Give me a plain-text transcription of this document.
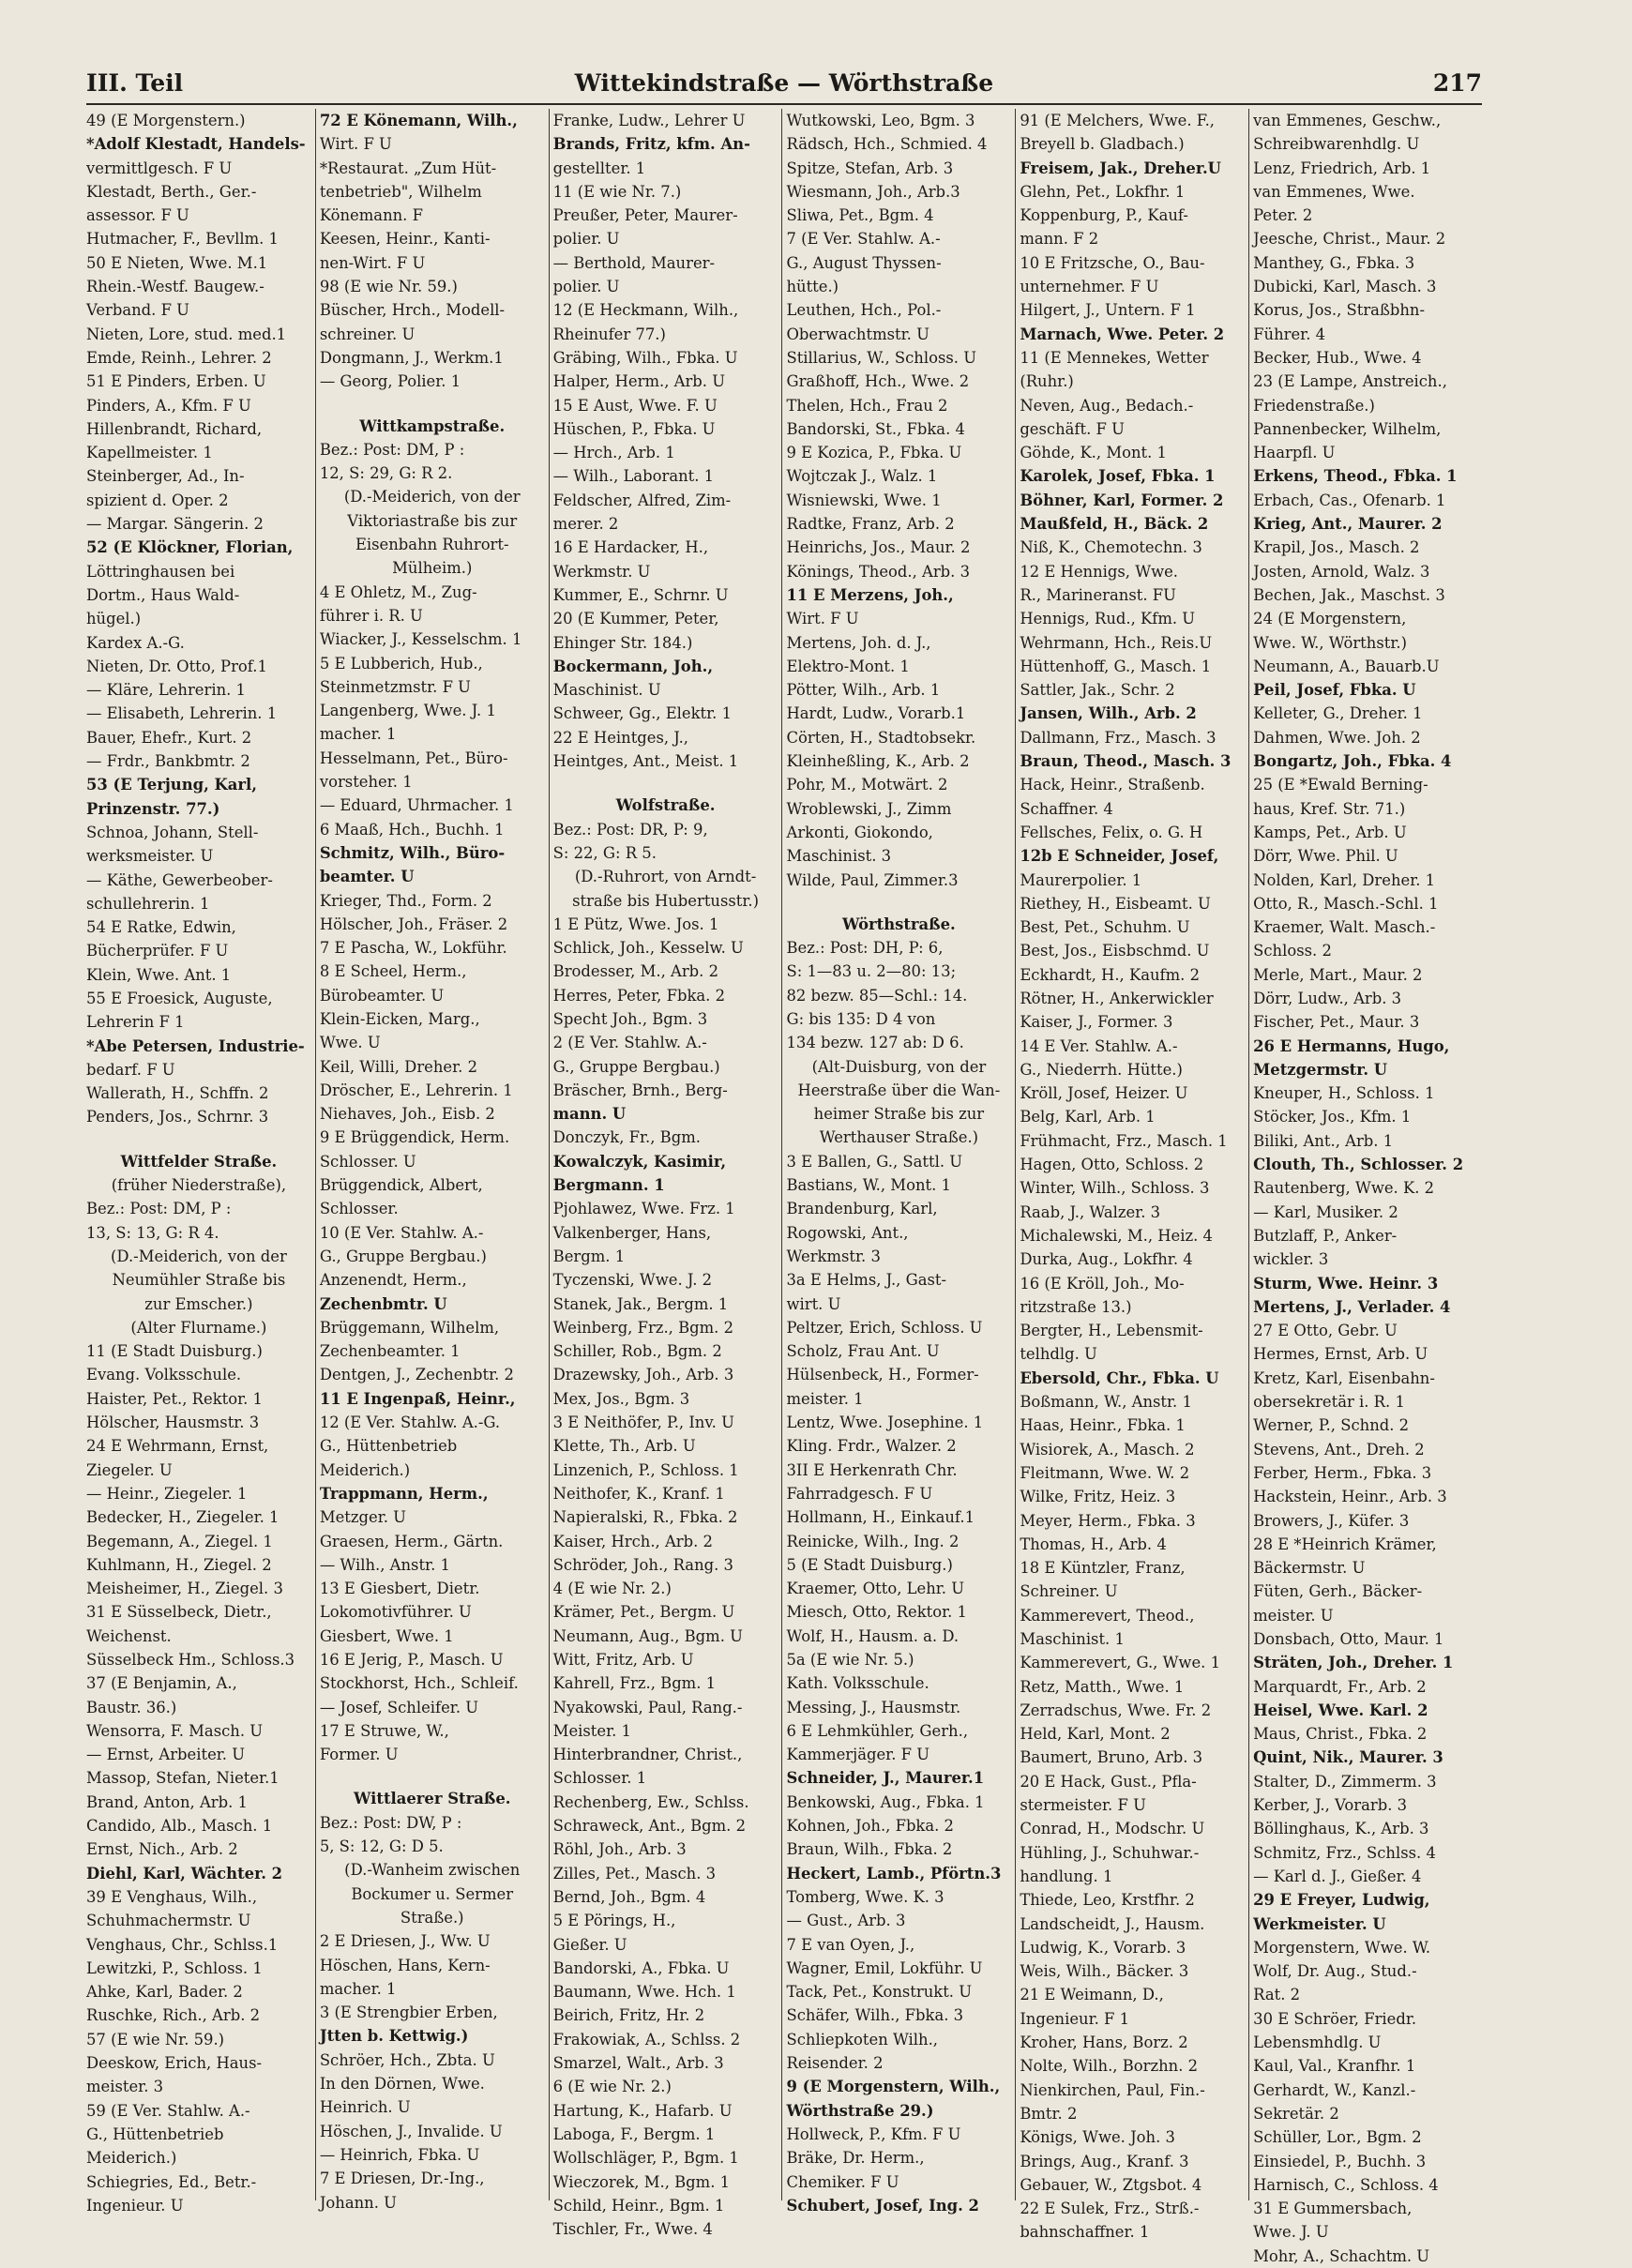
III. Teil	Wittekindstraße — Wörthstraße	217
49 (E Morgenstern.)
*Adolf Klestadt, Handels-
vermittlgesch. F U
Klestadt, Berth., Ger.-
assessor. F U
Hutmacher, F., Bevllm. 1
50 E Nieten, Wwe. M.1
Rhein.-Westf. Baugew.-
Verband. F U
Nieten, Lore, stud. med.1
Emde, Reinh., Lehrer. 2
51 E Pinders, Erben. U
Pinders, A., Kfm. F U
Hillenbrandt, Richard,
Kapellmeister. 1
Steinberger, Ad., In-
spizient d. Oper. 2
— Margar. Sängerin. 2
52 (E Klöckner, Florian,
Löttringhausen bei
Dortm., Haus Wald-
hügel.)
Kardex A.-G.
Nieten, Dr. Otto, Prof.1
— Kläre, Lehrerin. 1
— Elisabeth, Lehrerin. 1
Bauer, Ehefr., Kurt. 2
— Frdr., Bankbmtr. 2
53 (E Terjung, Karl,
Prinzenstr. 77.)
Schnoa, Johann, Stell-
werksmeister. U
— Käthe, Gewerbeober-
schullehrerin. 1
54 E Ratke, Edwin,
Bücherprüfer. F U
Klein, Wwe. Ant. 1
55 E Froesick, Auguste,
Lehrerin F 1
*Abe Petersen, Industrie-
bedarf. F U
Wallerath, H., Schffn. 2
Penders, Jos., Schrnr. 3
Wittfelder Straße.
(früher Niederstraße),
Bez.: Post: DM, P :
13, S: 13, G: R 4.
(D.-Meiderich, von der
Neumühler Straße bis
zur Emscher.)
(Alter Flurname.)
11 (E Stadt Duisburg.)
Evang. Volksschule.
Haister, Pet., Rektor. 1
Hölscher, Hausmstr. 3
24 E Wehrmann, Ernst,
Ziegeler. U
— Heinr., Ziegeler. 1
Bedecker, H., Ziegeler. 1
Begemann, A., Ziegel. 1
Kuhlmann, H., Ziegel. 2
Meisheimer, H., Ziegel. 3
31 E Süsselbeck, Dietr.,
Weichenst.
Süsselbeck Hm., Schloss.3
37 (E Benjamin, A.,
Baustr. 36.)
Wensorra, F. Masch. U
— Ernst, Arbeiter. U
Massop, Stefan, Nieter.1
Brand, Anton, Arb. 1
Candido, Alb., Masch. 1
Ernst, Nich., Arb. 2
Diehl, Karl, Wächter. 2
39 E Venghaus, Wilh.,
Schuhmachermstr. U
Venghaus, Chr., Schlss.1
Lewitzki, P., Schloss. 1
Ahke, Karl, Bader. 2
Ruschke, Rich., Arb. 2
57 (E wie Nr. 59.)
Deeskow, Erich, Haus-
meister. 3
59 (E Ver. Stahlw. A.-
G., Hüttenbetrieb
Meiderich.)
Schiegries, Ed., Betr.-
Ingenieur. U
72 E Könemann, Wilh.,
Wirt. F U
*Restaurat. „Zum Hüt-
tenbetrieb", Wilhelm
Könemann. F
Keesen, Heinr., Kanti-
nen-Wirt. F U
98 (E wie Nr. 59.)
Büscher, Hrch., Modell-
schreiner. U
Dongmann, J., Werkm.1
— Georg, Polier. 1
Wittkampstraße.
Bez.: Post: DM, P :
12, S: 29, G: R 2.
(D.-Meiderich, von der
Viktoriastraße bis zur
Eisenbahn Ruhrort-
Mülheim.)
4 E Ohletz, M., Zug-
führer i. R. U
Wiacker, J., Kesselschm. 1
5 E Lubberich, Hub.,
Steinmetzmstr. F U
Langenberg, Wwe. J. 1
macher. 1
Hesselmann, Pet., Büro-
vorsteher. 1
— Eduard, Uhrmacher. 1
6 Maaß, Hch., Buchh. 1
Schmitz, Wilh., Büro-
beamter. U
Krieger, Thd., Form. 2
Hölscher, Joh., Fräser. 2
7 E Pascha, W., Lokführ.
8 E Scheel, Herm.,
Bürobeamter. U
Klein-Eicken, Marg.,
Wwe. U
Keil, Willi, Dreher. 2
Dröscher, E., Lehrerin. 1
Niehaves, Joh., Eisb. 2
9 E Brüggendick, Herm.
Schlosser. U
Brüggendick, Albert,
Schlosser.
10 (E Ver. Stahlw. A.-
G., Gruppe Bergbau.)
Anzenendt, Herm.,
Zechenbmtr. U
Brüggemann, Wilhelm,
Zechenbeamter. 1
Dentgen, J., Zechenbtr. 2
11 E Ingenpaß, Heinr.,
12 (E Ver. Stahlw. A.-G.
G., Hüttenbetrieb
Meiderich.)
Trappmann, Herm.,
Metzger. U
Graesen, Herm., Gärtn.
— Wilh., Anstr. 1
13 E Giesbert, Dietr.
Lokomotivführer. U
Giesbert, Wwe. 1
16 E Jerig, P., Masch. U
Stockhorst, Hch., Schleif.
— Josef, Schleifer. U
17 E Struwe, W.,
Former. U
Wittlaerer Straße.
Bez.: Post: DW, P :
5, S: 12, G: D 5.
(D.-Wanheim zwischen
Bockumer u. Sermer
Straße.)
2 E Driesen, J., Ww. U
Höschen, Hans, Kern-
macher. 1
3 (E Strengbier Erben,
Jtten b. Kettwig.)
Schröer, Hch., Zbta. U
In den Dörnen, Wwe.
Heinrich. U
Höschen, J., Invalide. U
— Heinrich, Fbka. U
7 E Driesen, Dr.-Ing.,
Johann. U
Franke, Ludw., Lehrer U
Brands, Fritz, kfm. An-
gestellter. 1
11 (E wie Nr. 7.)
Preußer, Peter, Maurer-
polier. U
— Berthold, Maurer-
polier. U
12 (E Heckmann, Wilh.,
Rheinufer 77.)
Gräbing, Wilh., Fbka. U
Halper, Herm., Arb. U
15 E Aust, Wwe. F. U
Hüschen, P., Fbka. U
— Hrch., Arb. 1
— Wilh., Laborant. 1
Feldscher, Alfred, Zim-
merer. 2
16 E Hardacker, H.,
Werkmstr. U
Kummer, E., Schrnr. U
20 (E Kummer, Peter,
Ehinger Str. 184.)
Bockermann, Joh.,
Maschinist. U
Schweer, Gg., Elektr. 1
22 E Heintges, J.,
Heintges, Ant., Meist. 1
Wolfstraße.
Bez.: Post: DR, P: 9,
S: 22, G: R 5.
(D.-Ruhrort, von Arndt-
straße bis Hubertusstr.)
1 E Pütz, Wwe. Jos. 1
Schlick, Joh., Kesselw. U
Brodesser, M., Arb. 2
Herres, Peter, Fbka. 2
Specht Joh., Bgm. 3
2 (E Ver. Stahlw. A.-
G., Gruppe Bergbau.)
Bräscher, Brnh., Berg-
mann. U
Donczyk, Fr., Bgm.
Kowalczyk, Kasimir,
Bergmann. 1
Pjohlawez, Wwe. Frz. 1
Valkenberger, Hans,
Bergm. 1
Tyczenski, Wwe. J. 2
Stanek, Jak., Bergm. 1
Weinberg, Frz., Bgm. 2
Schiller, Rob., Bgm. 2
Drazewsky, Joh., Arb. 3
Mex, Jos., Bgm. 3
3 E Neithöfer, P., Inv. U
Klette, Th., Arb. U
Linzenich, P., Schloss. 1
Neithofer, K., Kranf. 1
Napieralski, R., Fbka. 2
Kaiser, Hrch., Arb. 2
Schröder, Joh., Rang. 3
4 (E wie Nr. 2.)
Krämer, Pet., Bergm. U
Neumann, Aug., Bgm. U
Witt, Fritz, Arb. U
Kahrell, Frz., Bgm. 1
Nyakowski, Paul, Rang.-
Meister. 1
Hinterbrandner, Christ.,
Schlosser. 1
Rechenberg, Ew., Schlss.
Schraweck, Ant., Bgm. 2
Röhl, Joh., Arb. 3
Zilles, Pet., Masch. 3
Bernd, Joh., Bgm. 4
5 E Pörings, H.,
Gießer. U
Bandorski, A., Fbka. U
Baumann, Wwe. Hch. 1
Beirich, Fritz, Hr. 2
Frakowiak, A., Schlss. 2
Smarzel, Walt., Arb. 3
6 (E wie Nr. 2.)
Hartung, K., Hafarb. U
Laboga, F., Bergm. 1
Wollschläger, P., Bgm. 1
Wieczorek, M., Bgm. 1
Schild, Heinr., Bgm. 1
Tischler, Fr., Wwe. 4
Wutkowski, Leo, Bgm. 3
Rädsch, Hch., Schmied. 4
Spitze, Stefan, Arb. 3
Wiesmann, Joh., Arb.3
Sliwa, Pet., Bgm. 4
7 (E Ver. Stahlw. A.-
G., August Thyssen-
hütte.)
Leuthen, Hch., Pol.-
Oberwachtmstr. U
Stillarius, W., Schloss. U
Graßhoff, Hch., Wwe. 2
Thelen, Hch., Frau 2
Bandorski, St., Fbka. 4
9 E Kozica, P., Fbka. U
Wojtczak J., Walz. 1
Wisniewski, Wwe. 1
Radtke, Franz, Arb. 2
Heinrichs, Jos., Maur. 2
Könings, Theod., Arb. 3
11 E Merzens, Joh.,
Wirt. F U
Mertens, Joh. d. J.,
Elektro-Mont. 1
Pötter, Wilh., Arb. 1
Hardt, Ludw., Vorarb.1
Cörten, H., Stadtobsekr.
Kleinheßling, K., Arb. 2
Pohr, M., Motwärt. 2
Wroblewski, J., Zimm
Arkonti, Giokondo,
Maschinist. 3
Wilde, Paul, Zimmer.3
Wörthstraße.
Bez.: Post: DH, P: 6,
S: 1—83 u. 2—80: 13;
82 bezw. 85—Schl.: 14.
G: bis 135: D 4 von
134 bezw. 127 ab: D 6.
(Alt-Duisburg, von der
Heerstraße über die Wan-
heimer Straße bis zur
Werthauser Straße.)
3 E Ballen, G., Sattl. U
Bastians, W., Mont. 1
Brandenburg, Karl,
Rogowski, Ant.,
Werkmstr. 3
3a E Helms, J., Gast-
wirt. U
Peltzer, Erich, Schloss. U
Scholz, Frau Ant. U
Hülsenbeck, H., Former-
meister. 1
Lentz, Wwe. Josephine. 1
Kling. Frdr., Walzer. 2
3II E Herkenrath Chr.
Fahrradgesch. F U
Hollmann, H., Einkauf.1
Reinicke, Wilh., Ing. 2
5 (E Stadt Duisburg.)
Kraemer, Otto, Lehr. U
Miesch, Otto, Rektor. 1
Wolf, H., Hausm. a. D.
5a (E wie Nr. 5.)
Kath. Volksschule.
Messing, J., Hausmstr.
6 E Lehmkühler, Gerh.,
Kammerjäger. F U
Schneider, J., Maurer.1
Benkowski, Aug., Fbka. 1
Kohnen, Joh., Fbka. 2
Braun, Wilh., Fbka. 2
Heckert, Lamb., Pförtn.3
Tomberg, Wwe. K. 3
— Gust., Arb. 3
7 E van Oyen, J.,
Wagner, Emil, Lokführ. U
Tack, Pet., Konstrukt. U
Schäfer, Wilh., Fbka. 3
Schliepkoten Wilh.,
Reisender. 2
9 (E Morgenstern, Wilh.,
Wörthstraße 29.)
Hollweck, P., Kfm. F U
Bräke, Dr. Herm.,
Chemiker. F U
Schubert, Josef, Ing. 2
91 (E Melchers, Wwe. F.,
Breyell b. Gladbach.)
Freisem, Jak., Dreher.U
Glehn, Pet., Lokfhr. 1
Koppenburg, P., Kauf-
mann. F 2
10 E Fritzsche, O., Bau-
unternehmer. F U
Hilgert, J., Untern. F 1
Marnach, Wwe. Peter. 2
11 (E Mennekes, Wetter
(Ruhr.)
Neven, Aug., Bedach.-
geschäft. F U
Göhde, K., Mont. 1
Karolek, Josef, Fbka. 1
Böhner, Karl, Former. 2
Maußfeld, H., Bäck. 2
Niß, K., Chemotechn. 3
12 E Hennigs, Wwe.
R., Marineranst. FU
Hennigs, Rud., Kfm. U
Wehrmann, Hch., Reis.U
Hüttenhoff, G., Masch. 1
Sattler, Jak., Schr. 2
Jansen, Wilh., Arb. 2
Dallmann, Frz., Masch. 3
Braun, Theod., Masch. 3
Hack, Heinr., Straßenb.
Schaffner. 4
Fellsches, Felix, o. G. H
12b E Schneider, Josef,
Maurerpolier. 1
Riethey, H., Eisbeamt. U
Best, Pet., Schuhm. U
Best, Jos., Eisbschmd. U
Eckhardt, H., Kaufm. 2
Rötner, H., Ankerwickler
Kaiser, J., Former. 3
14 E Ver. Stahlw. A.-
G., Niederrh. Hütte.)
Kröll, Josef, Heizer. U
Belg, Karl, Arb. 1
Frühmacht, Frz., Masch. 1
Hagen, Otto, Schloss. 2
Winter, Wilh., Schloss. 3
Raab, J., Walzer. 3
Michalewski, M., Heiz. 4
Durka, Aug., Lokfhr. 4
16 (E Kröll, Joh., Mo-
ritzstraße 13.)
Bergter, H., Lebensmit-
telhdlg. U
Ebersold, Chr., Fbka. U
Boßmann, W., Anstr. 1
Haas, Heinr., Fbka. 1
Wisiorek, A., Masch. 2
Fleitmann, Wwe. W. 2
Wilke, Fritz, Heiz. 3
Meyer, Herm., Fbka. 3
Thomas, H., Arb. 4
18 E Küntzler, Franz,
Schreiner. U
Kammerevert, Theod.,
Maschinist. 1
Kammerevert, G., Wwe. 1
Retz, Matth., Wwe. 1
Zerradschus, Wwe. Fr. 2
Held, Karl, Mont. 2
Baumert, Bruno, Arb. 3
20 E Hack, Gust., Pfla-
stermeister. F U
Conrad, H., Modschr. U
Hühling, J., Schuhwar.-
handlung. 1
Thiede, Leo, Krstfhr. 2
Landscheidt, J., Hausm.
Ludwig, K., Vorarb. 3
Weis, Wilh., Bäcker. 3
21 E Weimann, D.,
Ingenieur. F 1
Kroher, Hans, Borz. 2
Nolte, Wilh., Borzhn. 2
Nienkirchen, Paul, Fin.-
Bmtr. 2
Königs, Wwe. Joh. 3
Brings, Aug., Kranf. 3
Gebauer, W., Ztgsbot. 4
22 E Sulek, Frz., Strß.-
bahnschaffner. 1
van Emmenes, Geschw.,
Schreibwarenhdlg. U
Lenz, Friedrich, Arb. 1
van Emmenes, Wwe.
Peter. 2
Jeesche, Christ., Maur. 2
Manthey, G., Fbka. 3
Dubicki, Karl, Masch. 3
Korus, Jos., Straßbhn-
Führer. 4
Becker, Hub., Wwe. 4
23 (E Lampe, Anstreich.,
Friedenstraße.)
Pannenbecker, Wilhelm,
Haarpfl. U
Erkens, Theod., Fbka. 1
Erbach, Cas., Ofenarb. 1
Krieg, Ant., Maurer. 2
Krapil, Jos., Masch. 2
Josten, Arnold, Walz. 3
Bechen, Jak., Maschst. 3
24 (E Morgenstern,
Wwe. W., Wörthstr.)
Neumann, A., Bauarb.U
Peil, Josef, Fbka. U
Kelleter, G., Dreher. 1
Dahmen, Wwe. Joh. 2
Bongartz, Joh., Fbka. 4
25 (E *Ewald Berning-
haus, Kref. Str. 71.)
Kamps, Pet., Arb. U
Dörr, Wwe. Phil. U
Nolden, Karl, Dreher. 1
Otto, R., Masch.-Schl. 1
Kraemer, Walt. Masch.-
Schloss. 2
Merle, Mart., Maur. 2
Dörr, Ludw., Arb. 3
Fischer, Pet., Maur. 3
26 E Hermanns, Hugo,
Metzgermstr. U
Kneuper, H., Schloss. 1
Stöcker, Jos., Kfm. 1
Biliki, Ant., Arb. 1
Clouth, Th., Schlosser. 2
Rautenberg, Wwe. K. 2
— Karl, Musiker. 2
Butzlaff, P., Anker-
wickler. 3
Sturm, Wwe. Heinr. 3
Mertens, J., Verlader. 4
27 E Otto, Gebr. U
Hermes, Ernst, Arb. U
Kretz, Karl, Eisenbahn-
obersekretär i. R. 1
Werner, P., Schnd. 2
Stevens, Ant., Dreh. 2
Ferber, Herm., Fbka. 3
Hackstein, Heinr., Arb. 3
Browers, J., Küfer. 3
28 E *Heinrich Krämer,
Bäckermstr. U
Füten, Gerh., Bäcker-
meister. U
Donsbach, Otto, Maur. 1
Sträten, Joh., Dreher. 1
Marquardt, Fr., Arb. 2
Heisel, Wwe. Karl. 2
Maus, Christ., Fbka. 2
Quint, Nik., Maurer. 3
Stalter, D., Zimmerm. 3
Kerber, J., Vorarb. 3
Böllinghaus, K., Arb. 3
Schmitz, Frz., Schlss. 4
— Karl d. J., Gießer. 4
29 E Freyer, Ludwig,
Werkmeister. U
Morgenstern, Wwe. W.
Wolf, Dr. Aug., Stud.-
Rat. 2
30 E Schröer, Friedr.
Lebensmhdlg. U
Kaul, Val., Kranfhr. 1
Gerhardt, W., Kanzl.-
Sekretär. 2
Schüller, Lor., Bgm. 2
Einsiedel, P., Buchh. 3
Harnisch, C., Schloss. 4
31 E Gummersbach,
Wwe. J. U
Mohr, A., Schachtm. U
